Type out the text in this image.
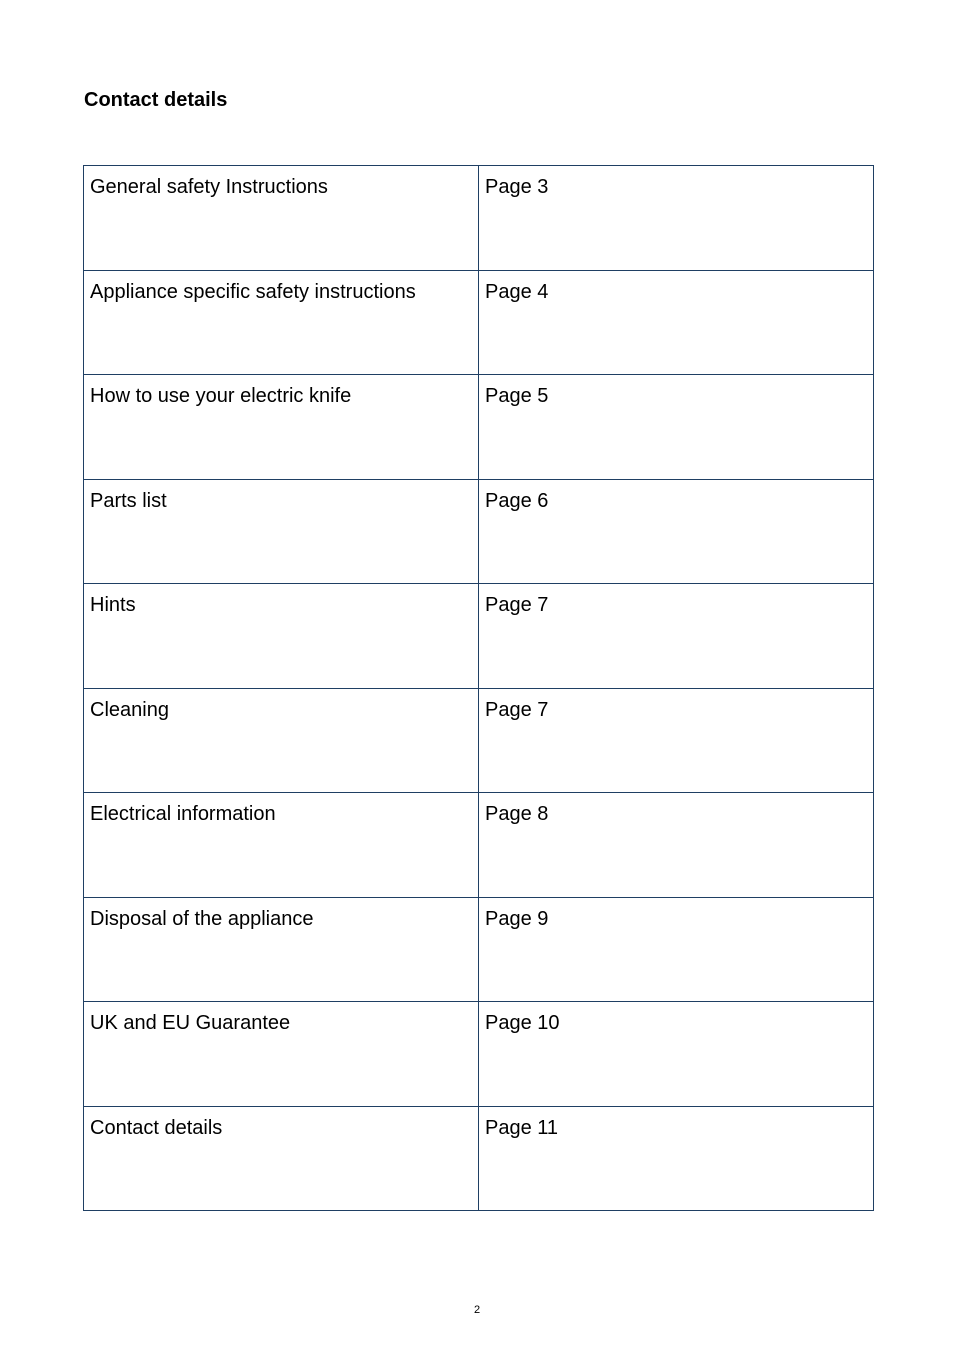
Contact details
General safety Instructions	Page 3
Appliance specific safety instructions	Page 4
How to use your electric knife	Page 5
Parts list	Page 6
Hints	Page 7
Cleaning	Page 7
Electrical information	Page 8
Disposal of the appliance	Page 9
UK and EU Guarantee	Page 10
Contact details	Page 11
2
